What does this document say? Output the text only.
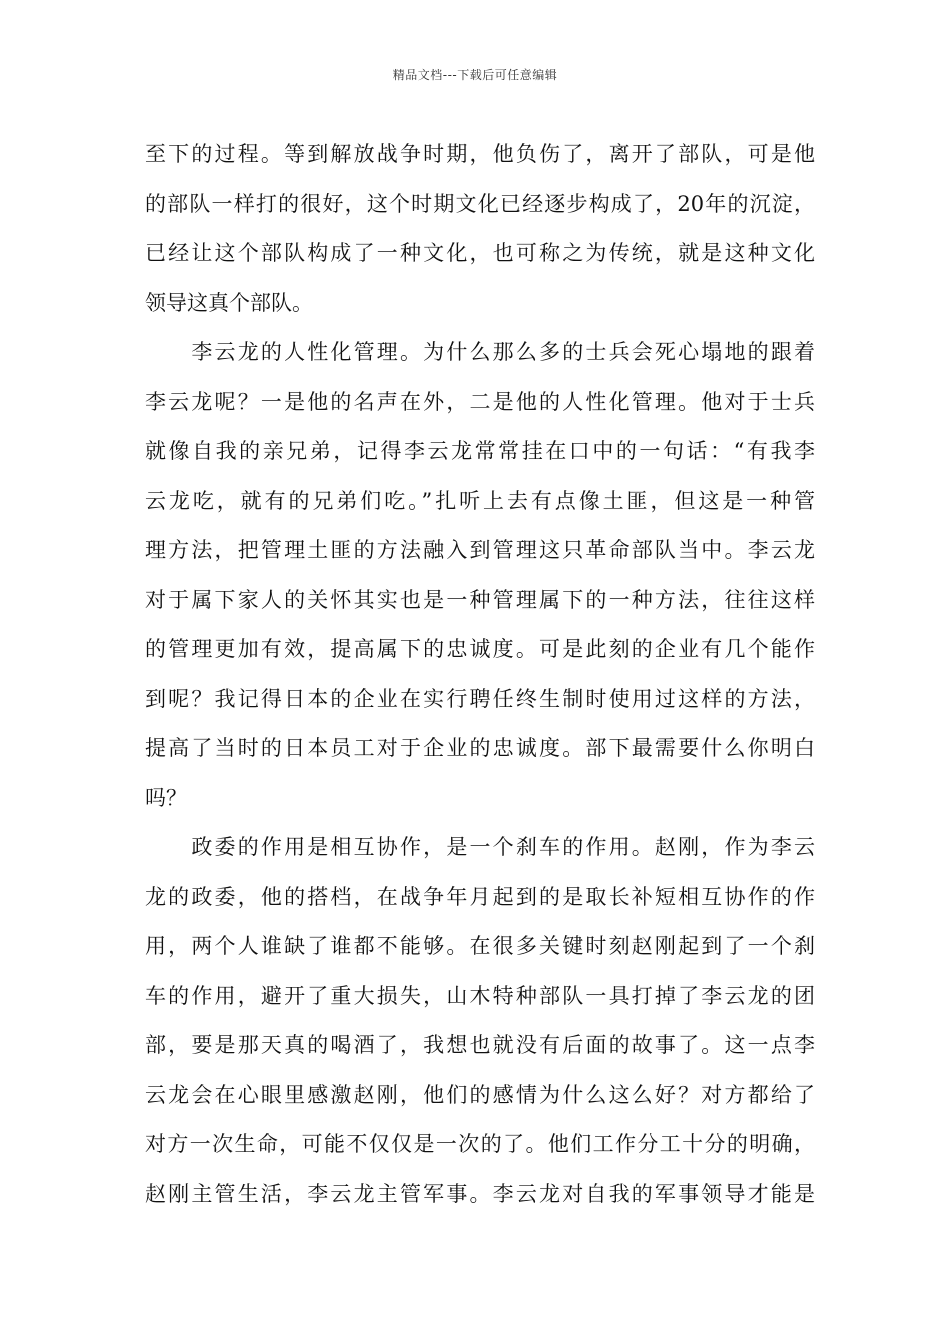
精品文档---下载后可任意编辑
至下的过程。等到解放战争时期，他负伤了，离开了部队，可是他
的部队一样打的很好，这个时期文化已经逐步构成了，20年的沉淀，
已经让这个部队构成了一种文化，也可称之为传统，就是这种文化
领导这真个部队。
　　李云龙的人性化管理。为什么那么多的士兵会死心塌地的跟着
李云龙呢？一是他的名声在外，二是他的人性化管理。他对于士兵
就像自我的亲兄弟，记得李云龙常常挂在口中的一句话：“有我李
云龙吃，就有的兄弟们吃。”扎听上去有点像土匪，但这是一种管
理方法，把管理土匪的方法融入到管理这只革命部队当中。李云龙
对于属下家人的关怀其实也是一种管理属下的一种方法，往往这样
的管理更加有效，提高属下的忠诚度。可是此刻的企业有几个能作
到呢？我记得日本的企业在实行聘任终生制时使用过这样的方法，
提高了当时的日本员工对于企业的忠诚度。部下最需要什么你明白
吗？
　　政委的作用是相互协作，是一个刹车的作用。赵刚，作为李云
龙的政委，他的搭档，在战争年月起到的是取长补短相互协作的作
用，两个人谁缺了谁都不能够。在很多关键时刻赵刚起到了一个刹
车的作用，避开了重大损失，山木特种部队一具打掉了李云龙的团
部，要是那天真的喝酒了，我想也就没有后面的故事了。这一点李
云龙会在心眼里感激赵刚，他们的感情为什么这么好？对方都给了
对方一次生命，可能不仅仅是一次的了。他们工作分工十分的明确，
赵刚主管生活，李云龙主管军事。李云龙对自我的军事领导才能是
